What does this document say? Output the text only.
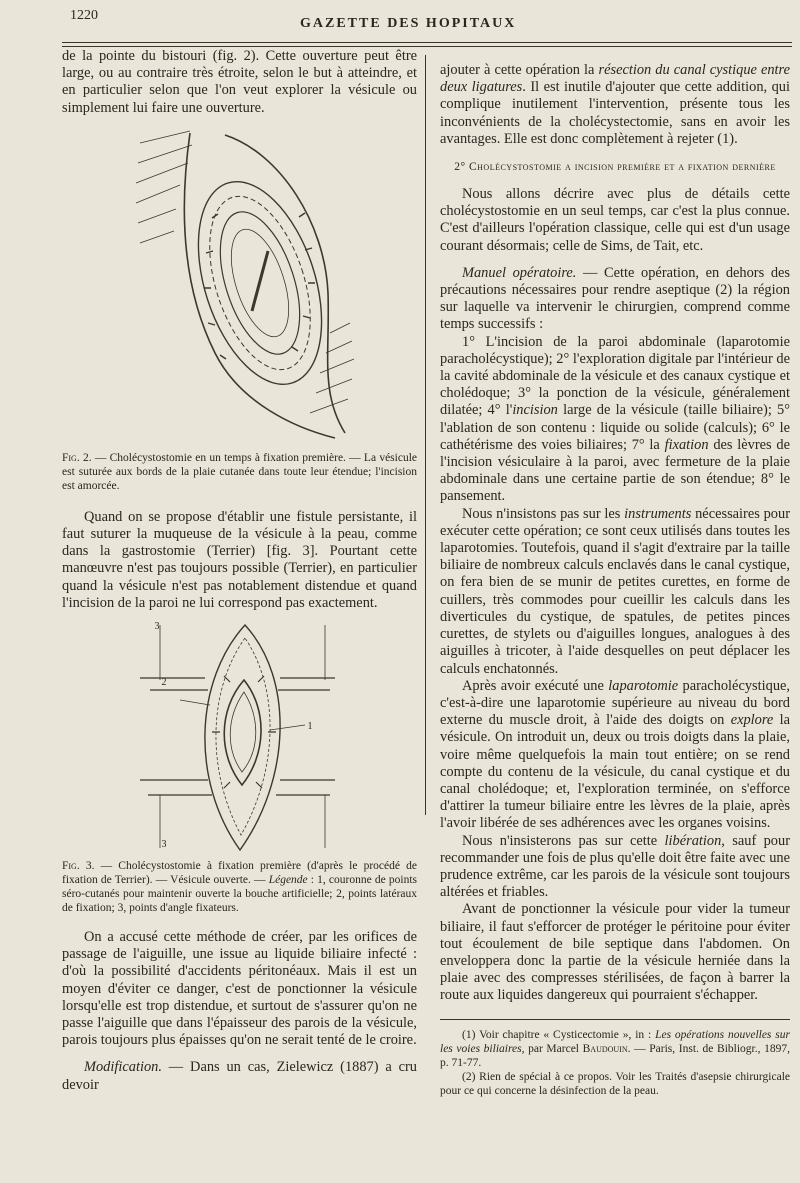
1220
GAZETTE DES HOPITAUX

de la pointe du bistouri (fig. 2). Cette ouverture peut être large, ou au contraire très étroite, selon le but à atteindre, et en particulier selon que l'on veut explorer la vésicule ou simplement lui faire une ouverture.

Fig. 2. — Cholécystostomie en un temps à fixation première. — La vésicule est suturée aux bords de la plaie cutanée dans toute leur étendue; l'incision est amorcée.

Quand on se propose d'établir une fistule persistante, il faut suturer la muqueuse de la vésicule à la peau, comme dans la gastrostomie (Terrier) [fig. 3]. Pourtant cette manœuvre n'est pas toujours possible (Terrier), en particulier quand la vésicule n'est pas notablement distendue et quand l'incision de la paroi ne lui correspond pas exactement.

3
2
1
3

Fig. 3. — Cholécystostomie à fixation première (d'après le procédé de fixation de Terrier). — Vésicule ouverte. — Légende : 1, couronne de points séro-cutanés pour maintenir ouverte la bouche artificielle; 2, points latéraux de fixation; 3, points d'angle fixateurs.

On a accusé cette méthode de créer, par les orifices de passage de l'aiguille, une issue au liquide biliaire infecté : d'où la possibilité d'accidents péritonéaux. Mais il est un moyen d'éviter ce danger, c'est de ponctionner la vésicule lorsqu'elle est trop distendue, et surtout de s'assurer qu'on ne passe l'aiguille que dans l'épaisseur des parois de la vésicule, parois toujours plus épaisses qu'on ne serait tenté de le croire.

Modification. — Dans un cas, Zielewicz (1887) a cru devoir

ajouter à cette opération la résection du canal cystique entre deux ligatures. Il est inutile d'ajouter que cette addition, qui complique inutilement l'intervention, présente tous les inconvénients de la cholécystectomie, sans en avoir les avantages. Elle est donc complètement à rejeter (1).

2° Cholécystostomie a incision première et a fixation dernière

Nous allons décrire avec plus de détails cette cholécystostomie en un seul temps, car c'est la plus connue. C'est d'ailleurs l'opération classique, celle qui est d'un usage courant désormais; celle de Sims, de Tait, etc.

Manuel opératoire. — Cette opération, en dehors des précautions nécessaires pour rendre aseptique (2) la région sur laquelle va intervenir le chirurgien, comprend comme temps successifs :

1° L'incision de la paroi abdominale (laparotomie paracholécystique); 2° l'exploration digitale par l'intérieur de la cavité abdominale de la vésicule et des canaux cystique et cholédoque; 3° la ponction de la vésicule, généralement dilatée; 4° l'incision large de la vésicule (taille biliaire); 5° l'ablation de son contenu : liquide ou solide (calculs); 6° le cathétérisme des voies biliaires; 7° la fixation des lèvres de l'incision vésiculaire à la paroi, avec fermeture de la plaie abdominale dans une certaine partie de son étendue; 8° le pansement.

Nous n'insistons pas sur les instruments nécessaires pour exécuter cette opération; ce sont ceux utilisés dans toutes les laparotomies. Toutefois, quand il s'agit d'extraire par la taille biliaire de nombreux calculs enclavés dans le canal cystique, on fera bien de se munir de petites curettes, en forme de cuillers, très commodes pour cueillir les calculs dans les diverticules du cystique, de spatules, de petites pinces curettes, de stylets ou d'aiguilles longues, analogues à des aiguilles à tricoter, à l'aide desquelles on peut déplacer les calculs enchatonnés.

Après avoir exécuté une laparotomie paracholécystique, c'est-à-dire une laparotomie supérieure au niveau du bord externe du muscle droit, à l'aide des doigts on explore la vésicule. On introduit un, deux ou trois doigts dans la plaie, voire même quelquefois la main tout entière; on se rend compte du contenu de la vésicule, du canal cystique et du canal cholédoque; et, l'exploration terminée, on s'efforce d'attirer la tumeur biliaire entre les lèvres de la plaie, après l'avoir libérée de ses adhérences avec les organes voisins.

Nous n'insisterons pas sur cette libération, sauf pour recommander une fois de plus qu'elle doit être faite avec une prudence extrême, car les parois de la vésicule sont toujours altérées et friables.

Avant de ponctionner la vésicule pour vider la tumeur biliaire, il faut s'efforcer de protéger le péritoine pour éviter tout écoulement de bile septique dans l'abdomen. On enveloppera donc la partie de la vésicule herniée dans la plaie avec des compresses stérilisées, de façon à barrer la route aux liquides dangereux qui pourraient s'échapper.

(1) Voir chapitre « Cysticectomie », in : Les opérations nouvelles sur les voies biliaires, par Marcel Baudouin. — Paris, Inst. de Bibliogr., 1897, p. 71-77.

(2) Rien de spécial à ce propos. Voir les Traités d'asepsie chirurgicale pour ce qui concerne la désinfection de la peau.
